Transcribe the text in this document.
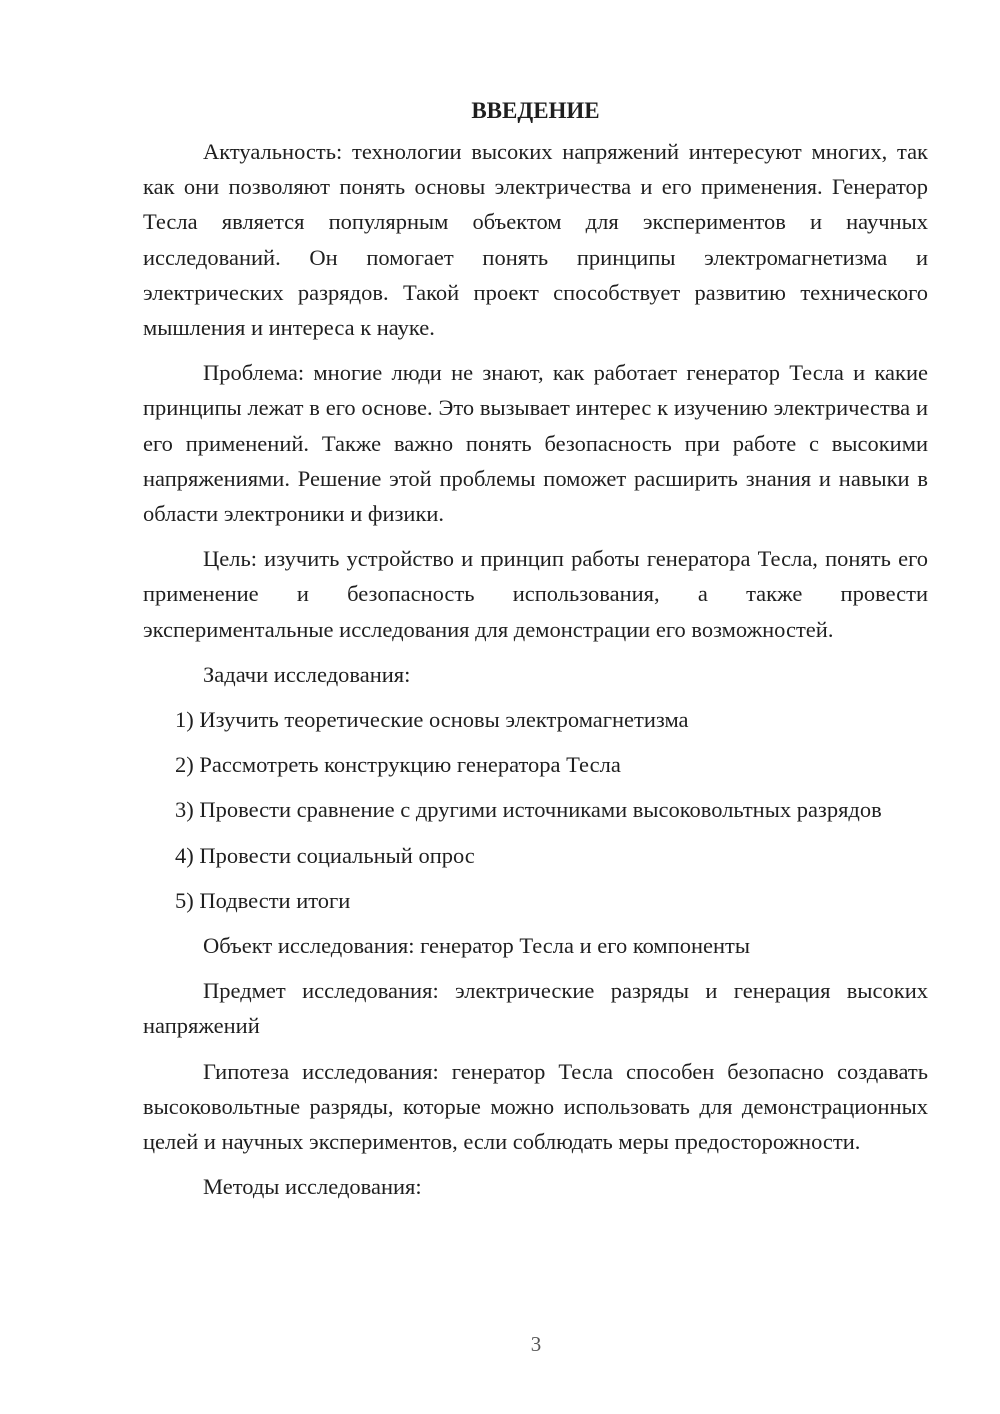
ВВЕДЕНИЕ

Актуальность: технологии высоких напряжений интересуют многих, так как они позволяют понять основы электричества и его применения. Генератор Тесла является популярным объектом для экспериментов и научных исследований. Он помогает понять принципы электромагнетизма и электрических разрядов. Такой проект способствует развитию технического мышления и интереса к науке.

Проблема: многие люди не знают, как работает генератор Тесла и какие принципы лежат в его основе. Это вызывает интерес к изучению электричества и его применений. Также важно понять безопасность при работе с высокими напряжениями. Решение этой проблемы поможет расширить знания и навыки в области электроники и физики.

Цель: изучить устройство и принцип работы генератора Тесла, понять его применение и безопасность использования, а также провести экспериментальные исследования для демонстрации его возможностей.

Задачи исследования:

1) Изучить теоретические основы электромагнетизма

2) Рассмотреть конструкцию генератора Тесла

3) Провести сравнение с другими источниками высоковольтных разрядов

4) Провести социальный опрос

5) Подвести итоги

Объект исследования: генератор Тесла и его компоненты

Предмет исследования: электрические разряды и генерация высоких напряжений

Гипотеза исследования: генератор Тесла способен безопасно создавать высоковольтные разряды, которые можно использовать для демонстрационных целей и научных экспериментов, если соблюдать меры предосторожности.

Методы исследования:

3
